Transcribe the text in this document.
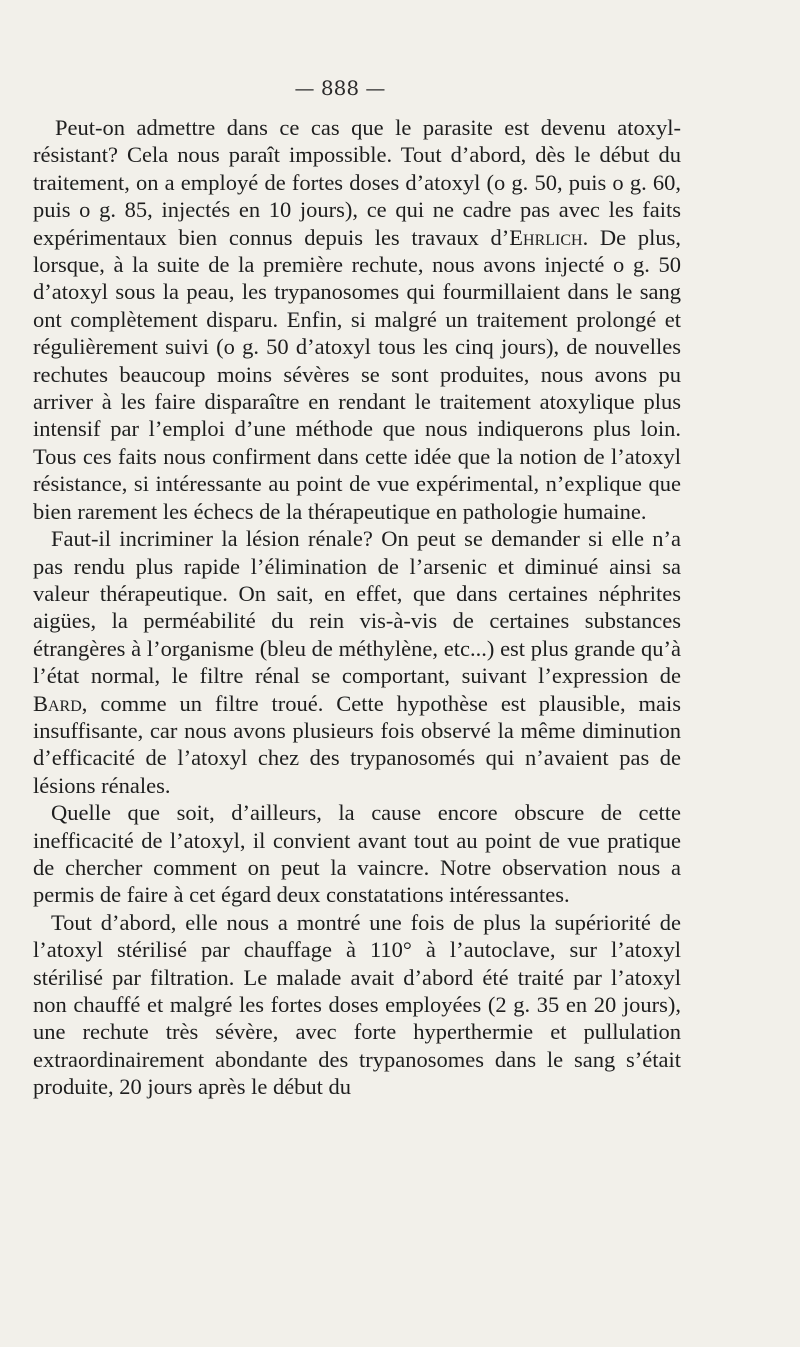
— 888 —

Peut-on admettre dans ce cas que le parasite est devenu atoxyl-résistant? Cela nous paraît impossible. Tout d’abord, dès le début du traitement, on a employé de fortes doses d’atoxyl (o g. 50, puis o g. 60, puis o g. 85, injectés en 10 jours), ce qui ne cadre pas avec les faits expérimentaux bien connus depuis les travaux d’Ehrlich. De plus, lorsque, à la suite de la première rechute, nous avons injecté o g. 50 d’atoxyl sous la peau, les trypanosomes qui fourmillaient dans le sang ont complètement disparu. Enfin, si malgré un traitement prolongé et régulièrement suivi (o g. 50 d’atoxyl tous les cinq jours), de nouvelles rechutes beaucoup moins sévères se sont produites, nous avons pu arriver à les faire disparaître en rendant le traitement atoxylique plus intensif par l’emploi d’une méthode que nous indiquerons plus loin. Tous ces faits nous confirment dans cette idée que la notion de l’atoxyl résistance, si intéressante au point de vue expérimental, n’explique que bien rarement les échecs de la thérapeutique en pathologie humaine.

Faut-il incriminer la lésion rénale? On peut se demander si elle n’a pas rendu plus rapide l’élimination de l’arsenic et diminué ainsi sa valeur thérapeutique. On sait, en effet, que dans certaines néphrites aigües, la perméabilité du rein vis-à-vis de certaines substances étrangères à l’organisme (bleu de méthylène, etc...) est plus grande qu’à l’état normal, le filtre rénal se comportant, suivant l’expression de Bard, comme un filtre troué. Cette hypothèse est plausible, mais insuffisante, car nous avons plusieurs fois observé la même diminution d’efficacité de l’atoxyl chez des trypanosomés qui n’avaient pas de lésions rénales.

Quelle que soit, d’ailleurs, la cause encore obscure de cette inefficacité de l’atoxyl, il convient avant tout au point de vue pratique de chercher comment on peut la vaincre. Notre observation nous a permis de faire à cet égard deux constatations intéressantes.

Tout d’abord, elle nous a montré une fois de plus la supériorité de l’atoxyl stérilisé par chauffage à 110° à l’autoclave, sur l’atoxyl stérilisé par filtration. Le malade avait d’abord été traité par l’atoxyl non chauffé et malgré les fortes doses employées (2 g. 35 en 20 jours), une rechute très sévère, avec forte hyperthermie et pullulation extraordinairement abondante des trypanosomes dans le sang s’était produite, 20 jours après le début du
